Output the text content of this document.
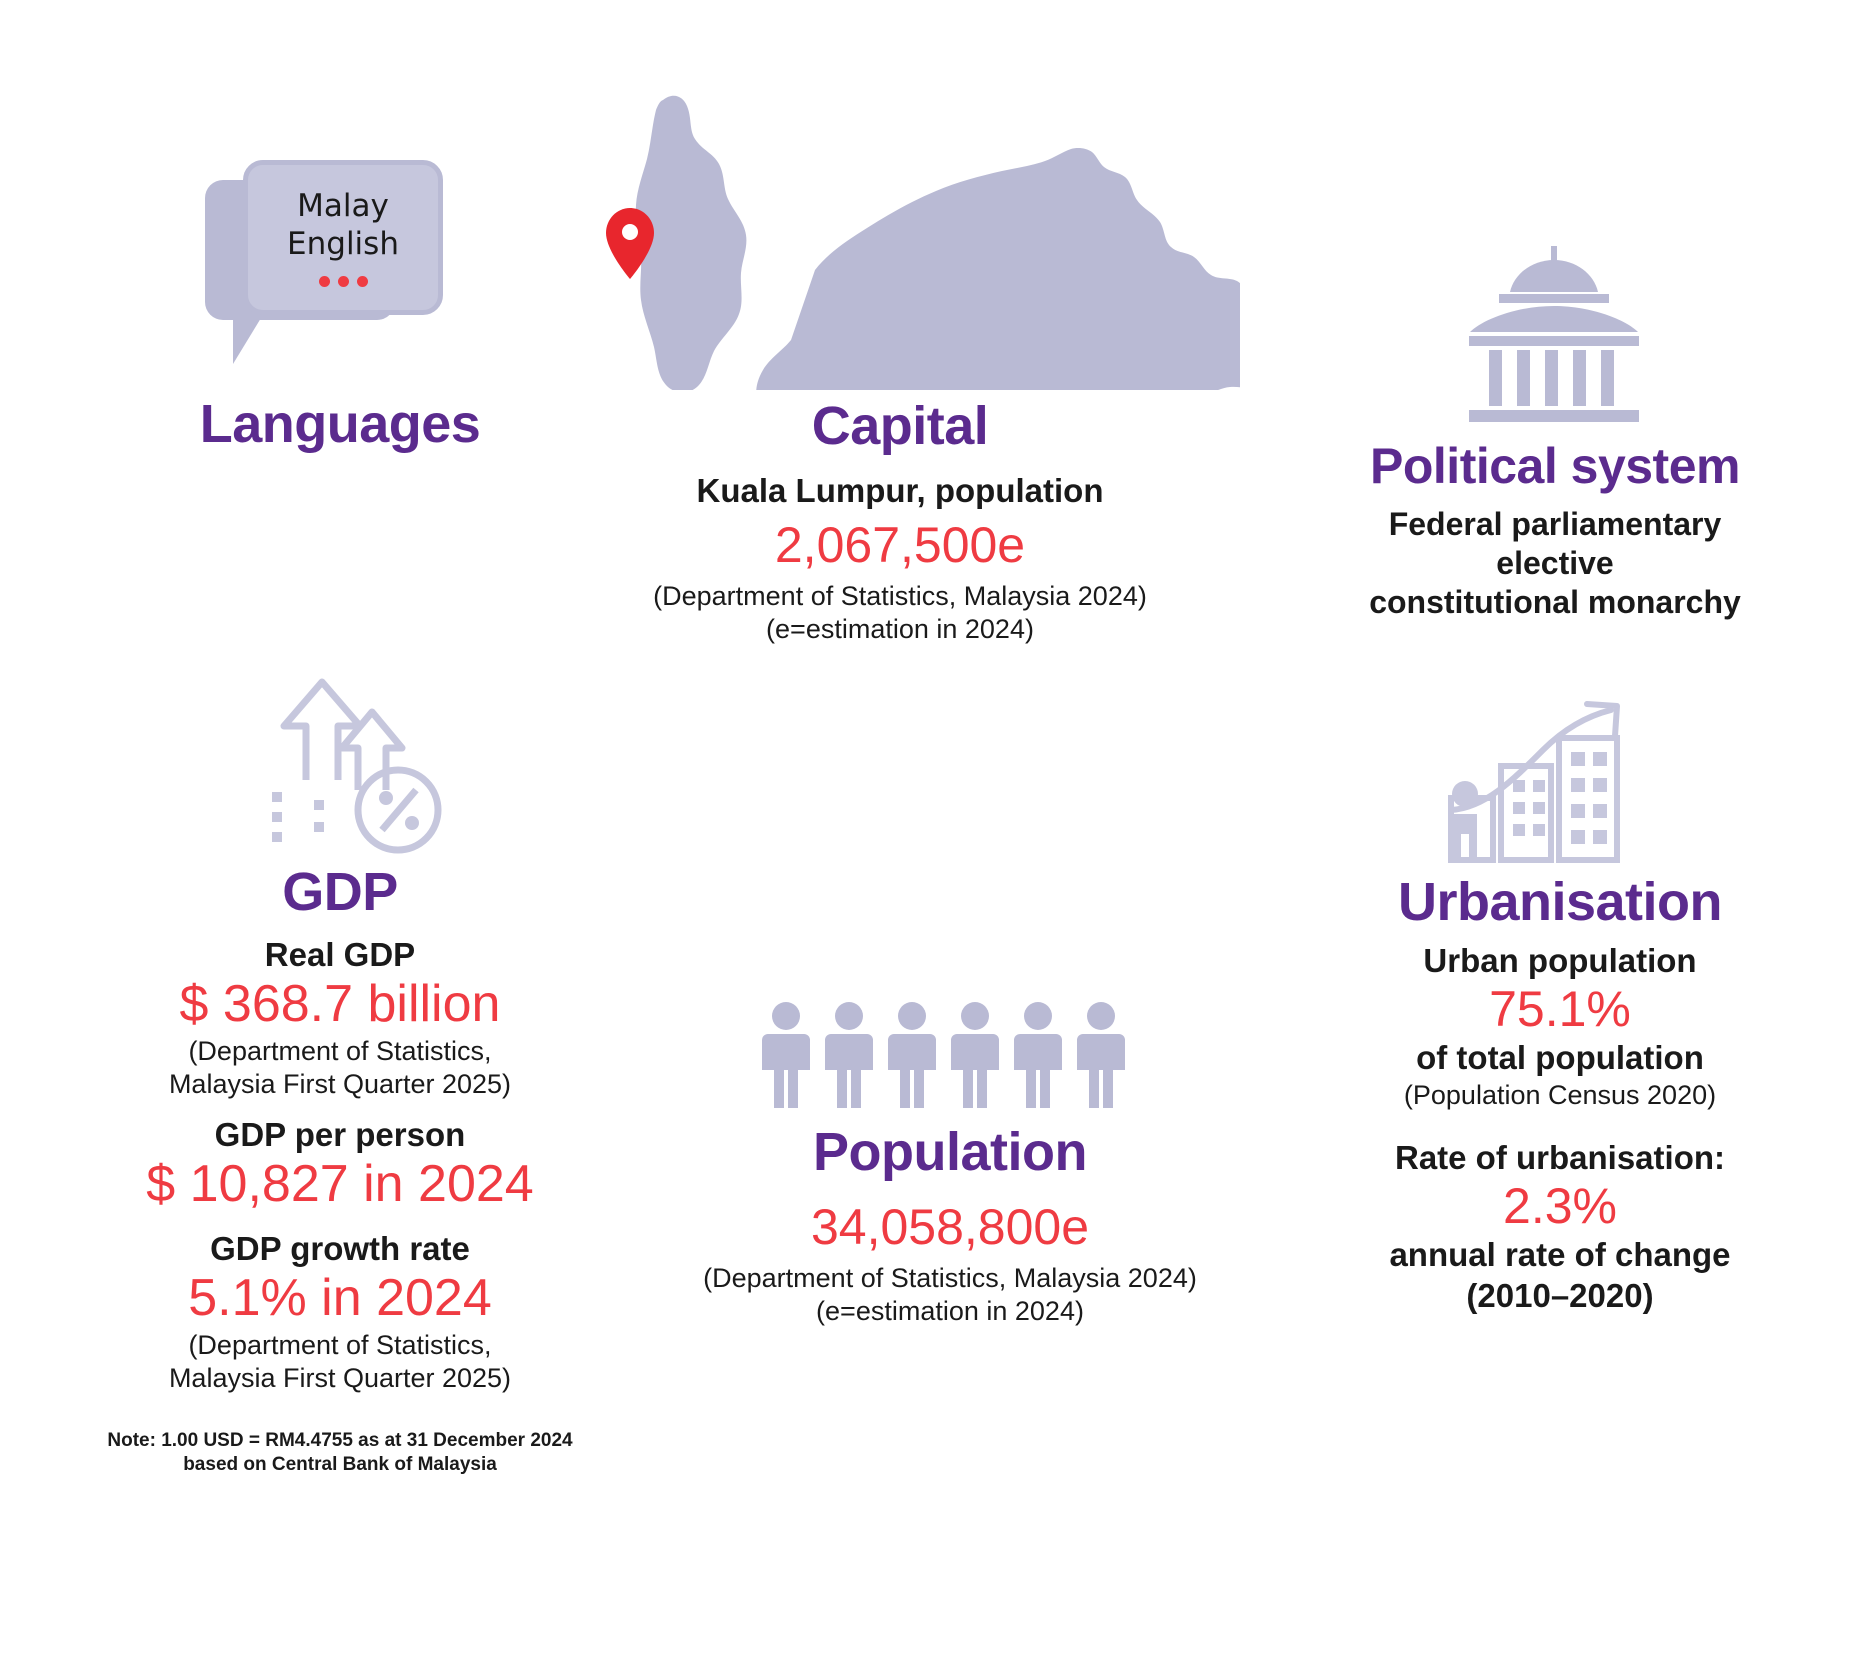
Malay
English
Languages	Capital
Kuala Lumpur, population
2,067,500e
(Department of Statistics, Malaysia 2024)
(e=estimation in 2024)
Political system
Federal parliamentary elective
constitutional monarchy
GDP
Real GDP
$ 368.7 billion
(Department of Statistics,
Malaysia First Quarter 2025)
GDP per person
$ 10,827 in 2024
GDP growth rate
5.1% in 2024
(Department of Statistics,
Malaysia First Quarter 2025)
Note: 1.00 USD = RM4.4755 as at 31 December 2024
based on Central Bank of Malaysia
Population
34,058,800e
(Department of Statistics, Malaysia 2024)
(e=estimation in 2024)
Urbanisation
Urban population
75.1%
of total population
(Population Census 2020)
Rate of urbanisation:
2.3%
annual rate of change
(2010–2020)
